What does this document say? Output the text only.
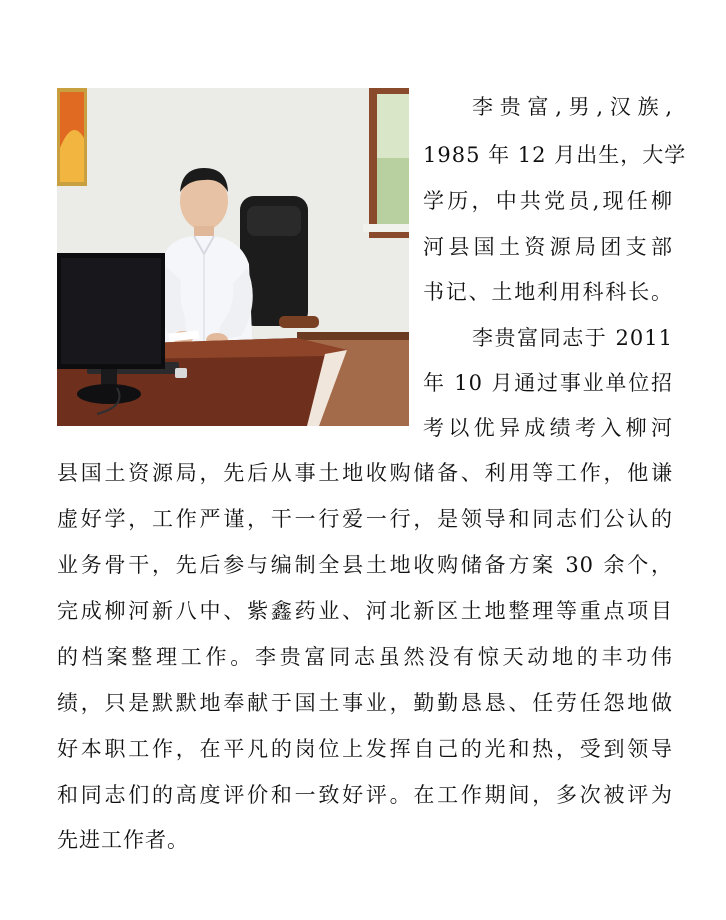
李贵富,男,汉族,
1985 年 12 月出生，大学
学历，中共党员,现任柳
河县国土资源局团支部
书记、土地利用科科长。
李贵富同志于 2011
年 10 月通过事业单位招
考以优异成绩考入柳河
县国土资源局，先后从事土地收购储备、利用等工作，他谦
虚好学，工作严谨，干一行爱一行，是领导和同志们公认的
业务骨干，先后参与编制全县土地收购储备方案 30 余个，
完成柳河新八中、紫鑫药业、河北新区土地整理等重点项目
的档案整理工作。李贵富同志虽然没有惊天动地的丰功伟
绩，只是默默地奉献于国土事业，勤勤恳恳、任劳任怨地做
好本职工作，在平凡的岗位上发挥自己的光和热，受到领导
和同志们的高度评价和一致好评。在工作期间，多次被评为
先进工作者。
